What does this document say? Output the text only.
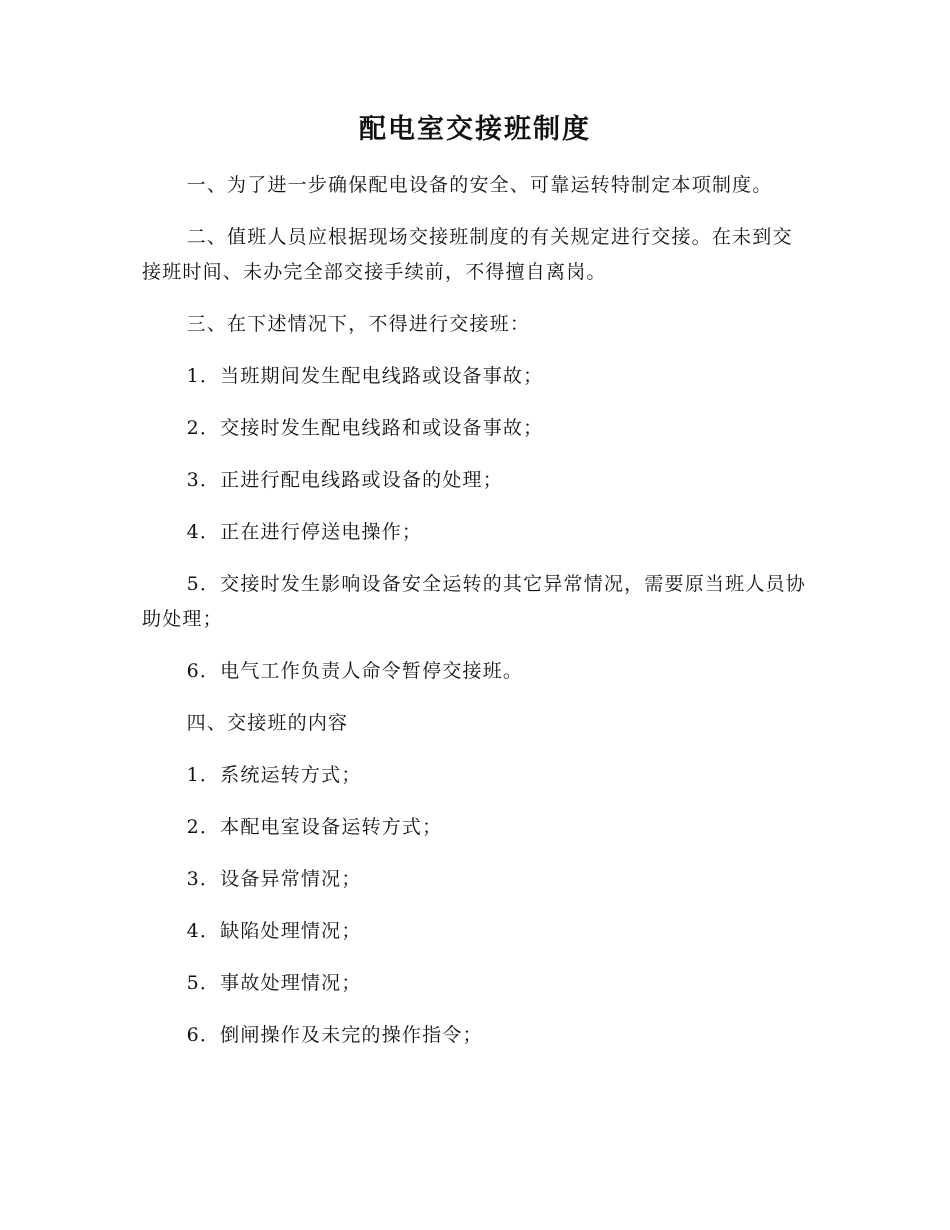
配电室交接班制度

一、为了进一步确保配电设备的安全、可靠运转特制定本项制度。

二、值班人员应根据现场交接班制度的有关规定进行交接。在未到交接班时间、未办完全部交接手续前，不得擅自离岗。

三、在下述情况下，不得进行交接班：

1．当班期间发生配电线路或设备事故；

2．交接时发生配电线路和或设备事故；

3．正进行配电线路或设备的处理；

4．正在进行停送电操作；

5．交接时发生影响设备安全运转的其它异常情况，需要原当班人员协助处理；

6．电气工作负责人命令暂停交接班。

四、交接班的内容

1．系统运转方式；

2．本配电室设备运转方式；

3．设备异常情况；

4．缺陷处理情况；

5．事故处理情况；

6．倒闸操作及未完的操作指令；
